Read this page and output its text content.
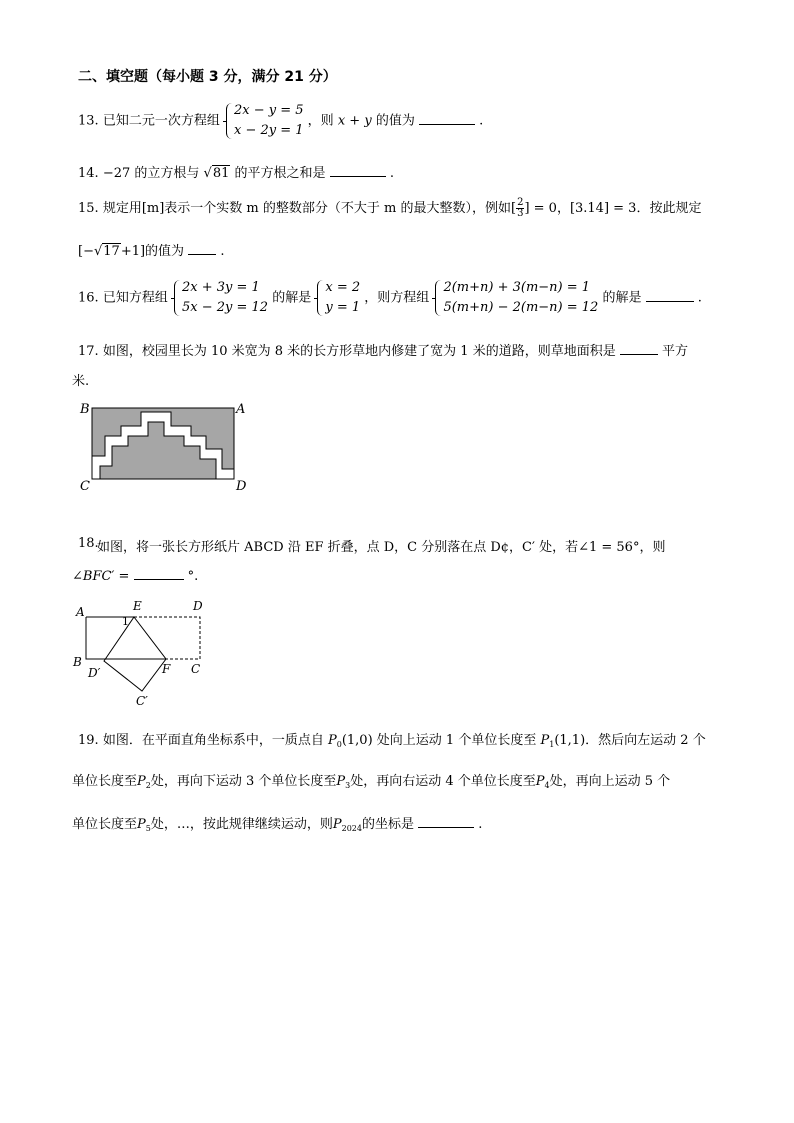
二、填空题（每小题 3 分，满分 21 分）
13. 已知二元一次方程组
2x − y = 5
x − 2y = 1
，则 x + y 的值为	.
14. −27 的立方根与 √81 的平方根之和是	.
15. 规定用[m]表示一个实数 m 的整数部分（不大于 m 的最大整数），例如[ $\frac{2}{3}$ ] = 0，[3.14] = 3．按此规定
[−√17+1]的值为	.
16. 已知方程组
2x + 3y = 1
5x − 2y = 12
的解是
x = 2
y = 1
，则方程组
2(m+n) + 3(m−n) = 1
5(m+n) − 2(m−n) = 12
的解是	.
17. 如图，校园里长为 10 米宽为 8 米的长方形草地内修建了宽为 1 米的道路，则草地面积是	平方
米.
B	A
C	D
18.
如图，将一张长方形纸片 ABCD 沿 EF 折叠，点 D，C 分别落在点 D¢，C′ 处，若∠1 = 56°，则
∠BFC′ =	°.
A	E	D
1
B
D′	F C
C′
19. 如图．在平面直角坐标系中，一质点自 $P_0(1,0)$ 处向上运动 1 个单位长度至 $P_1(1,1)$．然后向左运动 2 个
单位长度至$P_2$处，再向下运动 3 个单位长度至$P_3$处，再向右运动 4 个单位长度至$P_4$处，再向上运动 5 个
单位长度至$P_5$处，…，按此规律继续运动，则$P_{2024}$的坐标是	.
